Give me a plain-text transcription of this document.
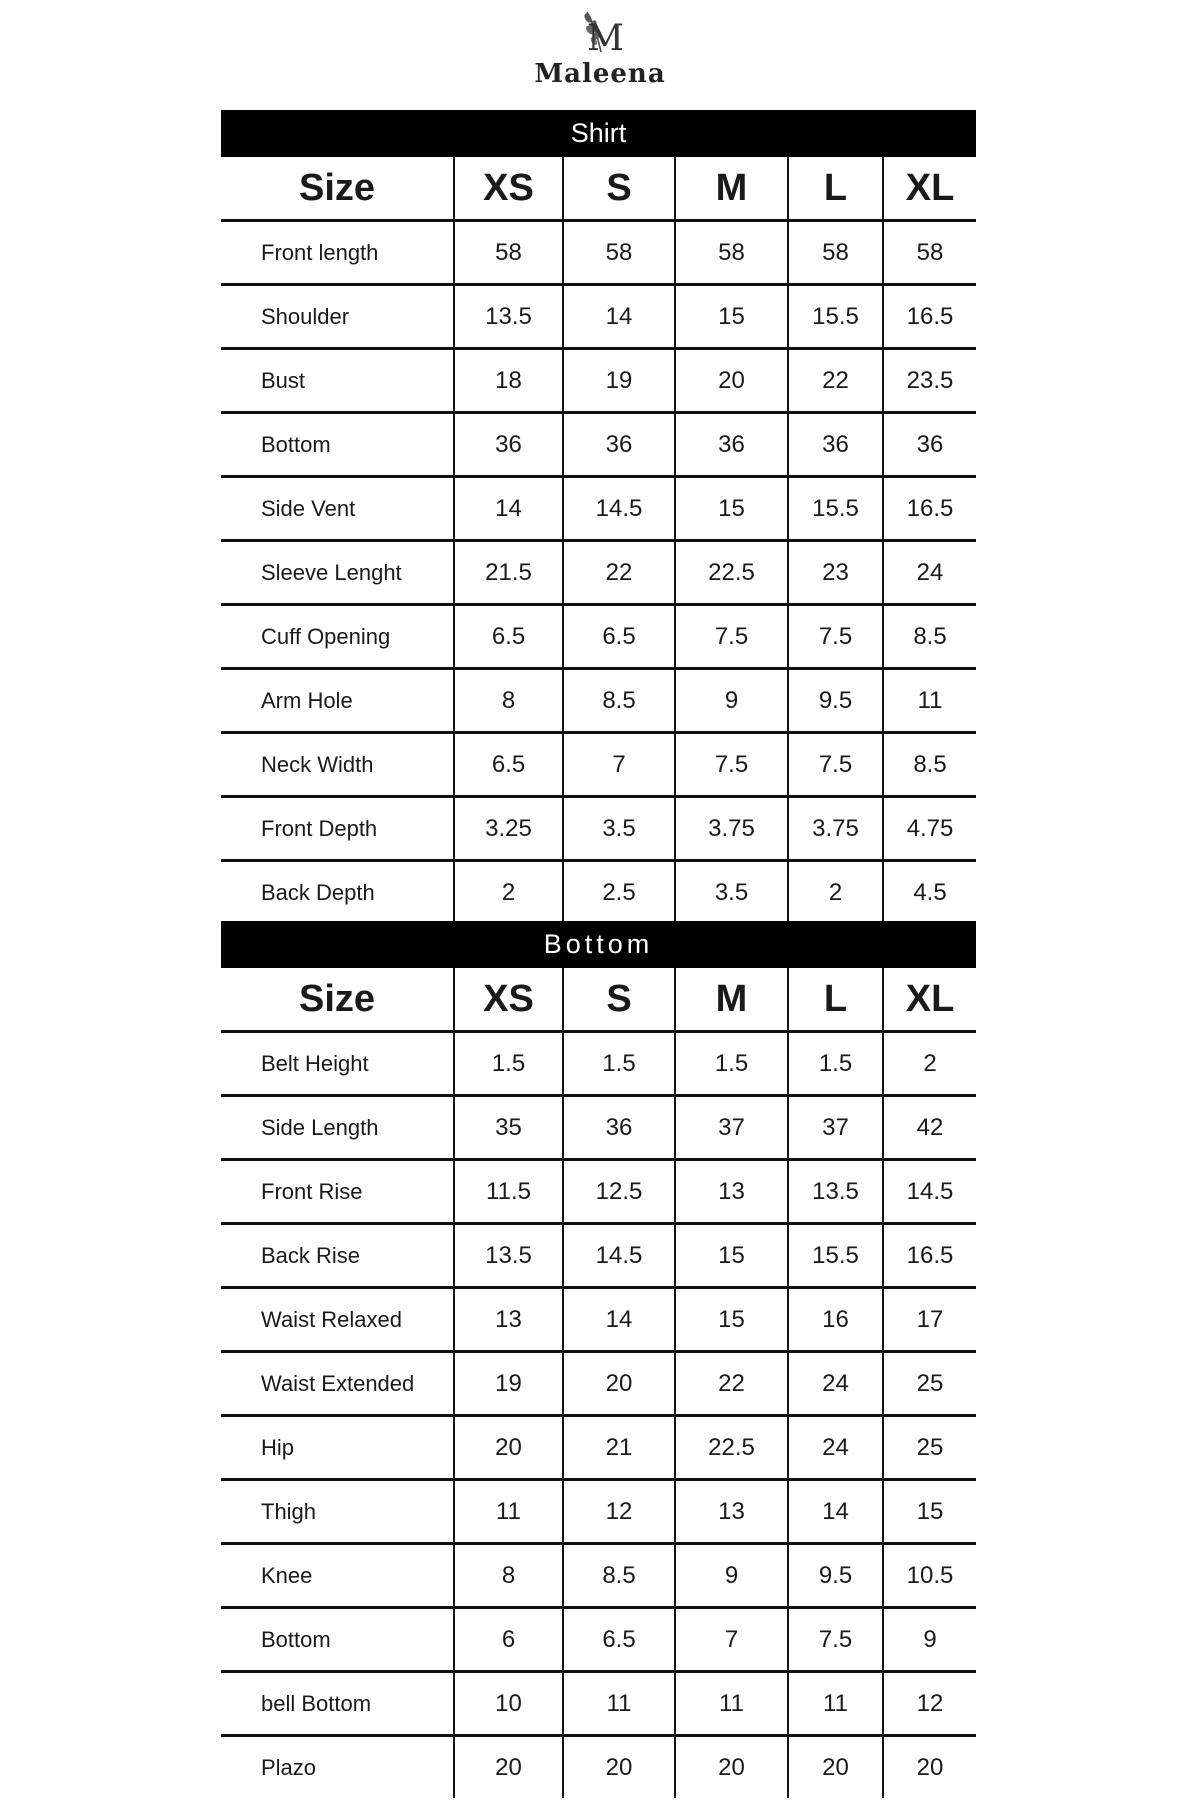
M
Maleena
Shirt					
Size	XS	S	M	L	XL
Front length	58	58	58	58	58
Shoulder	13.5	14	15	15.5	16.5
Bust	18	19	20	22	23.5
Bottom	36	36	36	36	36
Side Vent	14	14.5	15	15.5	16.5
Sleeve Lenght	21.5	22	22.5	23	24
Cuff Opening	6.5	6.5	7.5	7.5	8.5
Arm Hole	8	8.5	9	9.5	11
Neck Width	6.5	7	7.5	7.5	8.5
Front Depth	3.25	3.5	3.75	3.75	4.75
Back Depth	2	2.5	3.5	2	4.5
Bottom					
Size	XS	S	M	L	XL
Belt Height	1.5	1.5	1.5	1.5	2
Side Length	35	36	37	37	42
Front Rise	11.5	12.5	13	13.5	14.5
Back Rise	13.5	14.5	15	15.5	16.5
Waist Relaxed	13	14	15	16	17
Waist Extended	19	20	22	24	25
Hip	20	21	22.5	24	25
Thigh	11	12	13	14	15
Knee	8	8.5	9	9.5	10.5
Bottom	6	6.5	7	7.5	9
bell Bottom	10	11	11	11	12
Plazo	20	20	20	20	20
